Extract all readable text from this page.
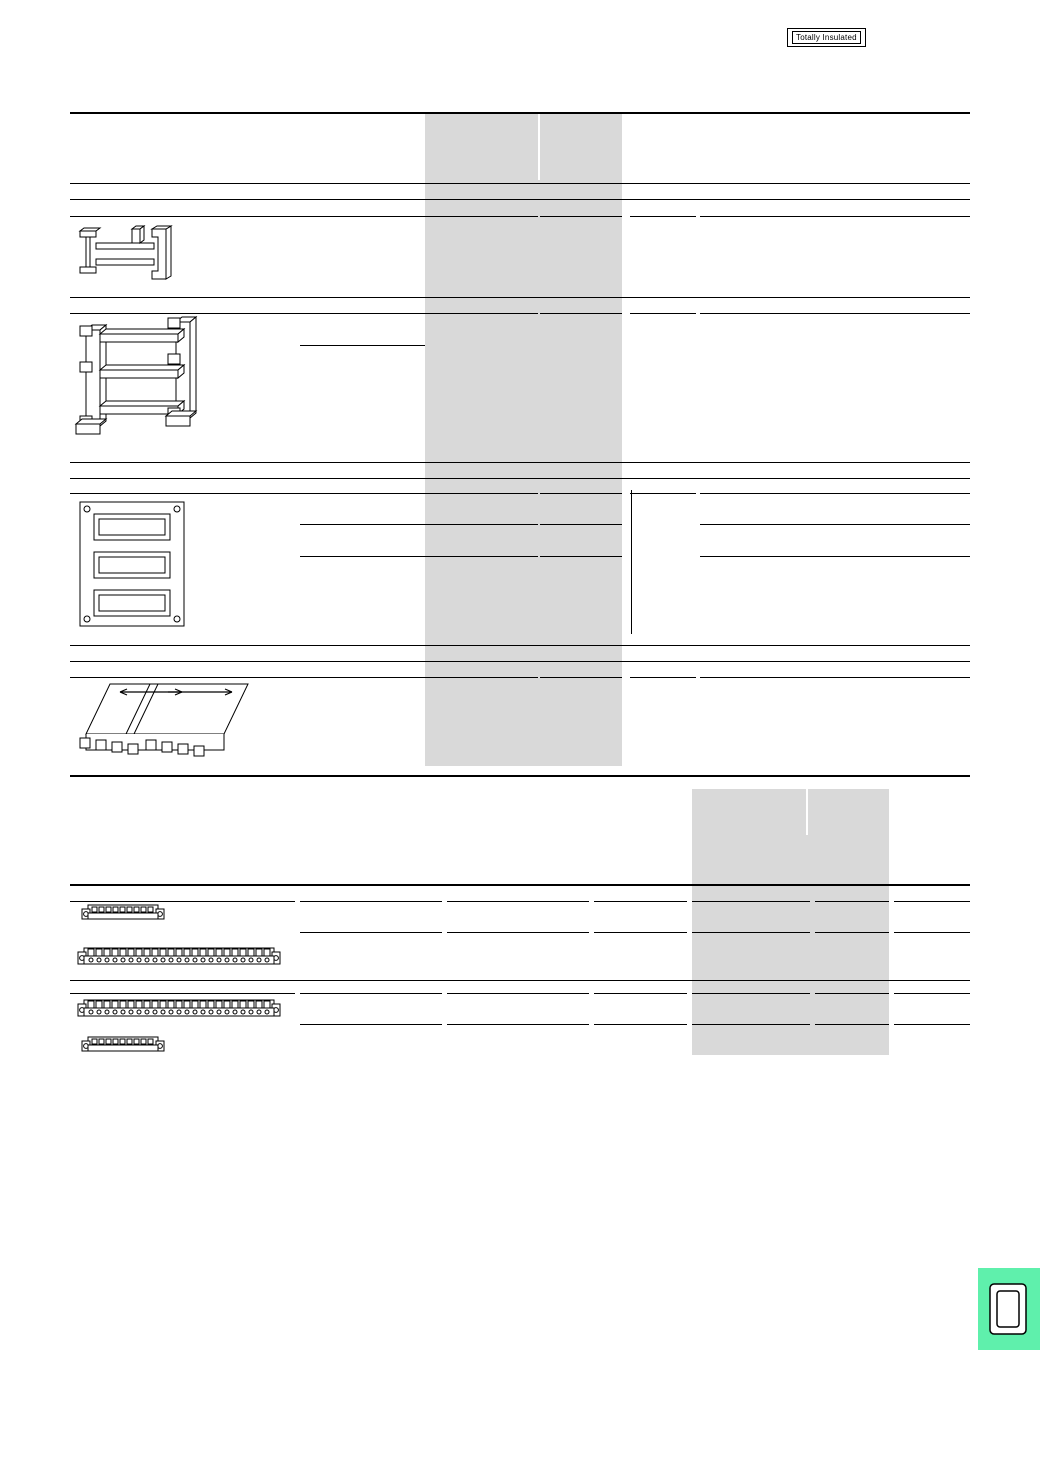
Totally Insulated
